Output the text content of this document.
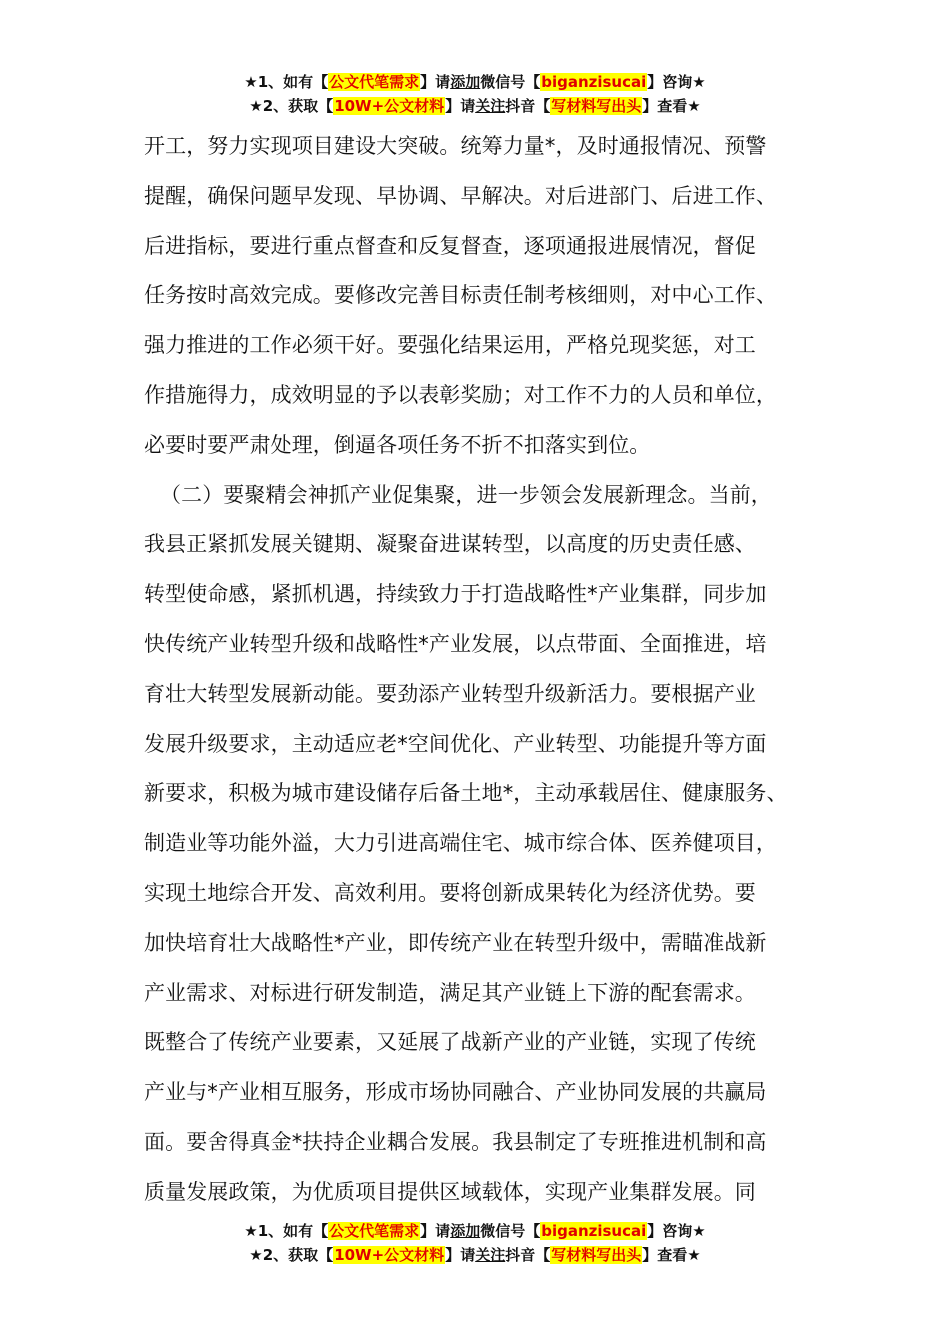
★1、如有【公文代笔需求】请添加微信号【biganzisucai】咨询★
★2、获取【10W+公文材料】请关注抖音【写材料写出头】查看★
开工，努力实现项目建设大突破。统筹力量*，及时通报情况、预警
提醒，确保问题早发现、早协调、早解决。对后进部门、后进工作、
后进指标，要进行重点督查和反复督查，逐项通报进展情况，督促
任务按时高效完成。要修改完善目标责任制考核细则，对中心工作、
强力推进的工作必须干好。要强化结果运用，严格兑现奖惩，对工
作措施得力，成效明显的予以表彰奖励；对工作不力的人员和单位，
必要时要严肃处理，倒逼各项任务不折不扣落实到位。
（二）要聚精会神抓产业促集聚，进一步领会发展新理念。当前，
我县正紧抓发展关键期、凝聚奋进谋转型，以高度的历史责任感、
转型使命感，紧抓机遇，持续致力于打造战略性*产业集群，同步加
快传统产业转型升级和战略性*产业发展，以点带面、全面推进，培
育壮大转型发展新动能。要劲添产业转型升级新活力。要根据产业
发展升级要求，主动适应老*空间优化、产业转型、功能提升等方面
新要求，积极为城市建设储存后备土地*，主动承载居住、健康服务、
制造业等功能外溢，大力引进高端住宅、城市综合体、医养健项目，
实现土地综合开发、高效利用。要将创新成果转化为经济优势。要
加快培育壮大战略性*产业，即传统产业在转型升级中，需瞄准战新
产业需求、对标进行研发制造，满足其产业链上下游的配套需求。
既整合了传统产业要素，又延展了战新产业的产业链，实现了传统
产业与*产业相互服务，形成市场协同融合、产业协同发展的共赢局
面。要舍得真金*扶持企业耦合发展。我县制定了专班推进机制和高
质量发展政策，为优质项目提供区域载体，实现产业集群发展。同
★1、如有【公文代笔需求】请添加微信号【biganzisucai】咨询★
★2、获取【10W+公文材料】请关注抖音【写材料写出头】查看★
